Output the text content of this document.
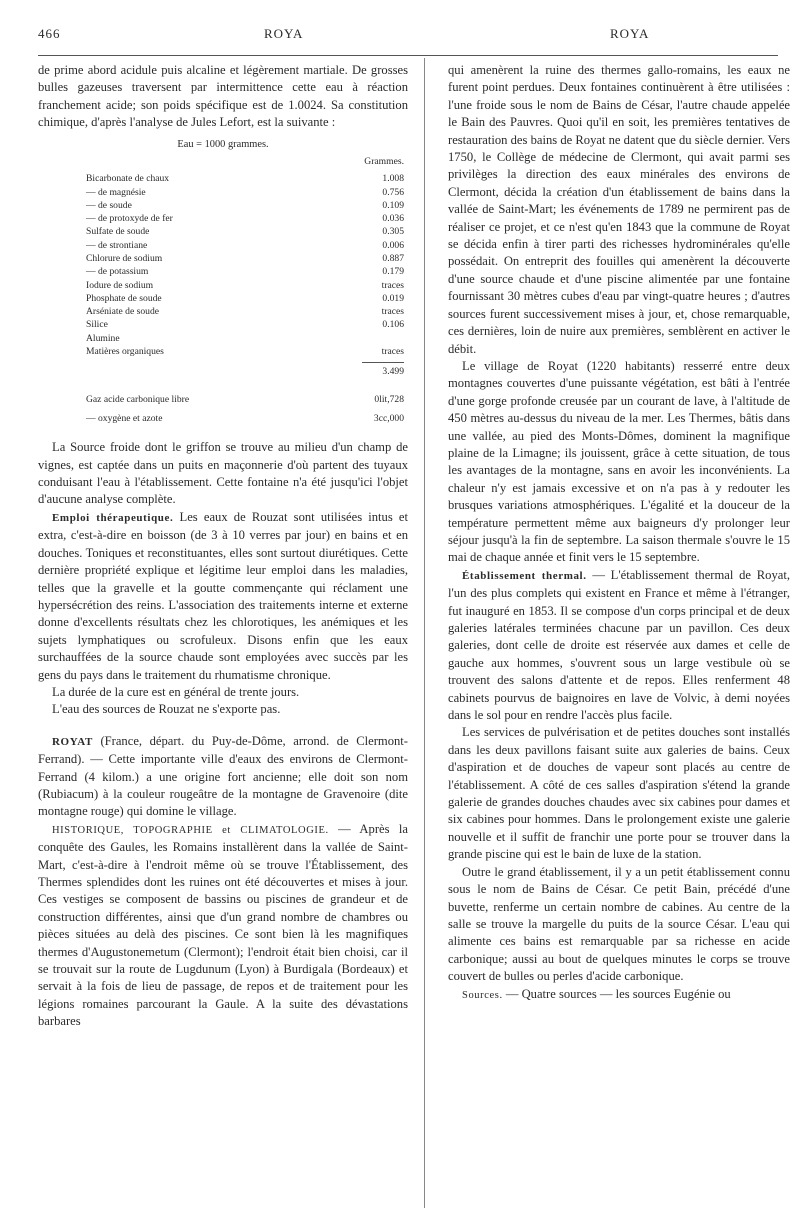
466	ROYA	ROYA

de prime abord acidule puis alcaline et légèrement martiale. De grosses bulles gazeuses traversent par intermittence cette eau à réaction franchement acide; son poids spécifique est de 1.0024. Sa constitution chimique, d'après l'analyse de Jules Lefort, est la suivante :

Eau = 1000 grammes.
Grammes.
Bicarbonate de chaux	1.008
— de magnésie	0.756
— de soude	0.109
— de protoxyde de fer	0.036
Sulfate de soude	0.305
— de strontiane	0.006
Chlorure de sodium	0.887
— de potassium	0.179
Iodure de sodium	traces
Phosphate de soude	0.019
Arséniate de soude	traces
Silice	0.106
Alumine
Matières organiques	traces
3.499
Gaz acide carbonique libre	0lit,728
— oxygène et azote	3cc,000

La Source froide dont le griffon se trouve au milieu d'un champ de vignes, est captée dans un puits en maçonnerie d'où partent des tuyaux conduisant l'eau à l'établissement. Cette fontaine n'a été jusqu'ici l'objet d'aucune analyse complète.

Emploi thérapeutique. Les eaux de Rouzat sont utilisées intus et extra, c'est-à-dire en boisson (de 3 à 10 verres par jour) en bains et en douches. Toniques et reconstituantes, elles sont surtout diurétiques. Cette dernière propriété explique et légitime leur emploi dans les maladies, telles que la gravelle et la goutte commençante qui réclament une hypersécrétion des reins. L'association des traitements interne et externe donne d'excellents résultats chez les chlorotiques, les anémiques et les sujets lymphatiques ou scrofuleux. Disons enfin que les eaux surchauffées de la source chaude sont employées avec succès par les gens du pays dans le traitement du rhumatisme chronique.

La durée de la cure est en général de trente jours.

L'eau des sources de Rouzat ne s'exporte pas.

ROYAT (France, départ. du Puy-de-Dôme, arrond. de Clermont-Ferrand). — Cette importante ville d'eaux des environs de Clermont-Ferrand (4 kilom.) a une origine fort ancienne; elle doit son nom (Rubiacum) à la couleur rougeâtre de la montagne de Gravenoire (dite montagne rouge) qui domine le village.

HISTORIQUE, TOPOGRAPHIE et CLIMATOLOGIE. — Après la conquête des Gaules, les Romains installèrent dans la vallée de Saint-Mart, c'est-à-dire à l'endroit même où se trouve l'Établissement, des Thermes splendides dont les ruines ont été découvertes et mises à jour. Ces vestiges se composent de bassins ou piscines de grandeur et de construction différentes, ainsi que d'un grand nombre de chambres ou pièces situées au delà des piscines. Ce sont bien là les magnifiques thermes d'Augustonemetum (Clermont); l'endroit était bien choisi, car il se trouvait sur la route de Lugdunum (Lyon) à Burdigala (Bordeaux) et servait à la fois de lieu de passage, de repos et de traitement pour les légions romaines parcourant la Gaule. A la suite des dévastations barbares

qui amenèrent la ruine des thermes gallo-romains, les eaux ne furent point perdues. Deux fontaines continuèrent à être utilisées : l'une froide sous le nom de Bains de César, l'autre chaude appelée le Bain des Pauvres. Quoi qu'il en soit, les premières tentatives de restauration des bains de Royat ne datent que du siècle dernier. Vers 1750, le Collège de médecine de Clermont, qui avait parmi ses privilèges la direction des eaux minérales des environs de Clermont, décida la création d'un établissement de bains dans la vallée de Saint-Mart; les événements de 1789 ne permirent pas de réaliser ce projet, et ce n'est qu'en 1843 que la commune de Royat se décida enfin à tirer parti des richesses hydrominérales qu'elle possédait. On entreprit des fouilles qui amenèrent la découverte d'une source chaude et d'une piscine alimentée par une fontaine fournissant 30 mètres cubes d'eau par vingt-quatre heures ; d'autres sources furent successivement mises à jour, et, chose remarquable, ces dernières, loin de nuire aux premières, semblèrent en activer le débit.

Le village de Royat (1220 habitants) resserré entre deux montagnes couvertes d'une puissante végétation, est bâti à l'entrée d'une gorge profonde creusée par un courant de lave, à l'altitude de 450 mètres au-dessus du niveau de la mer. Les Thermes, bâtis dans une vallée, au pied des Monts-Dômes, dominent la magnifique plaine de la Limagne; ils jouissent, grâce à cette situation, de tous les avantages de la montagne, sans en avoir les inconvénients. La chaleur n'y est jamais excessive et on n'a pas à y redouter les brusques variations atmosphériques. L'égalité et la douceur de la température permettent même aux baigneurs d'y prolonger leur séjour jusqu'à la fin de septembre. La saison thermale s'ouvre le 15 mai de chaque année et finit vers le 15 septembre.

Établissement thermal. — L'établissement thermal de Royat, l'un des plus complets qui existent en France et même à l'étranger, fut inauguré en 1853. Il se compose d'un corps principal et de deux galeries latérales terminées chacune par un pavillon. Ces deux galeries, dont celle de droite est réservée aux dames et celle de gauche aux hommes, s'ouvrent sous un large vestibule où se trouvent des salons d'attente et de repos. Elles renferment 48 cabinets pourvus de baignoires en lave de Volvic, à demi noyées dans le sol pour en rendre l'accès plus facile.

Les services de pulvérisation et de petites douches sont installés dans les deux pavillons faisant suite aux galeries de bains. Ceux d'aspiration et de douches de vapeur sont placés au centre de l'établissement. A côté de ces salles d'aspiration s'étend la grande galerie de grandes douches chaudes avec six cabines pour dames et six cabines pour hommes. Dans le prolongement existe une galerie nouvelle et il suffit de franchir une porte pour se trouver dans la grande piscine qui est le bain de luxe de la station.

Outre le grand établissement, il y a un petit établissement connu sous le nom de Bains de César. Ce petit Bain, précédé d'une buvette, renferme un certain nombre de cabines. Au centre de la salle se trouve la margelle du puits de la source César. L'eau qui alimente ces bains est remarquable par sa richesse en acide carbonique; aussi au bout de quelques minutes le corps se trouve couvert de bulles ou perles d'acide carbonique.

Sources. — Quatre sources — les sources Eugénie ou
